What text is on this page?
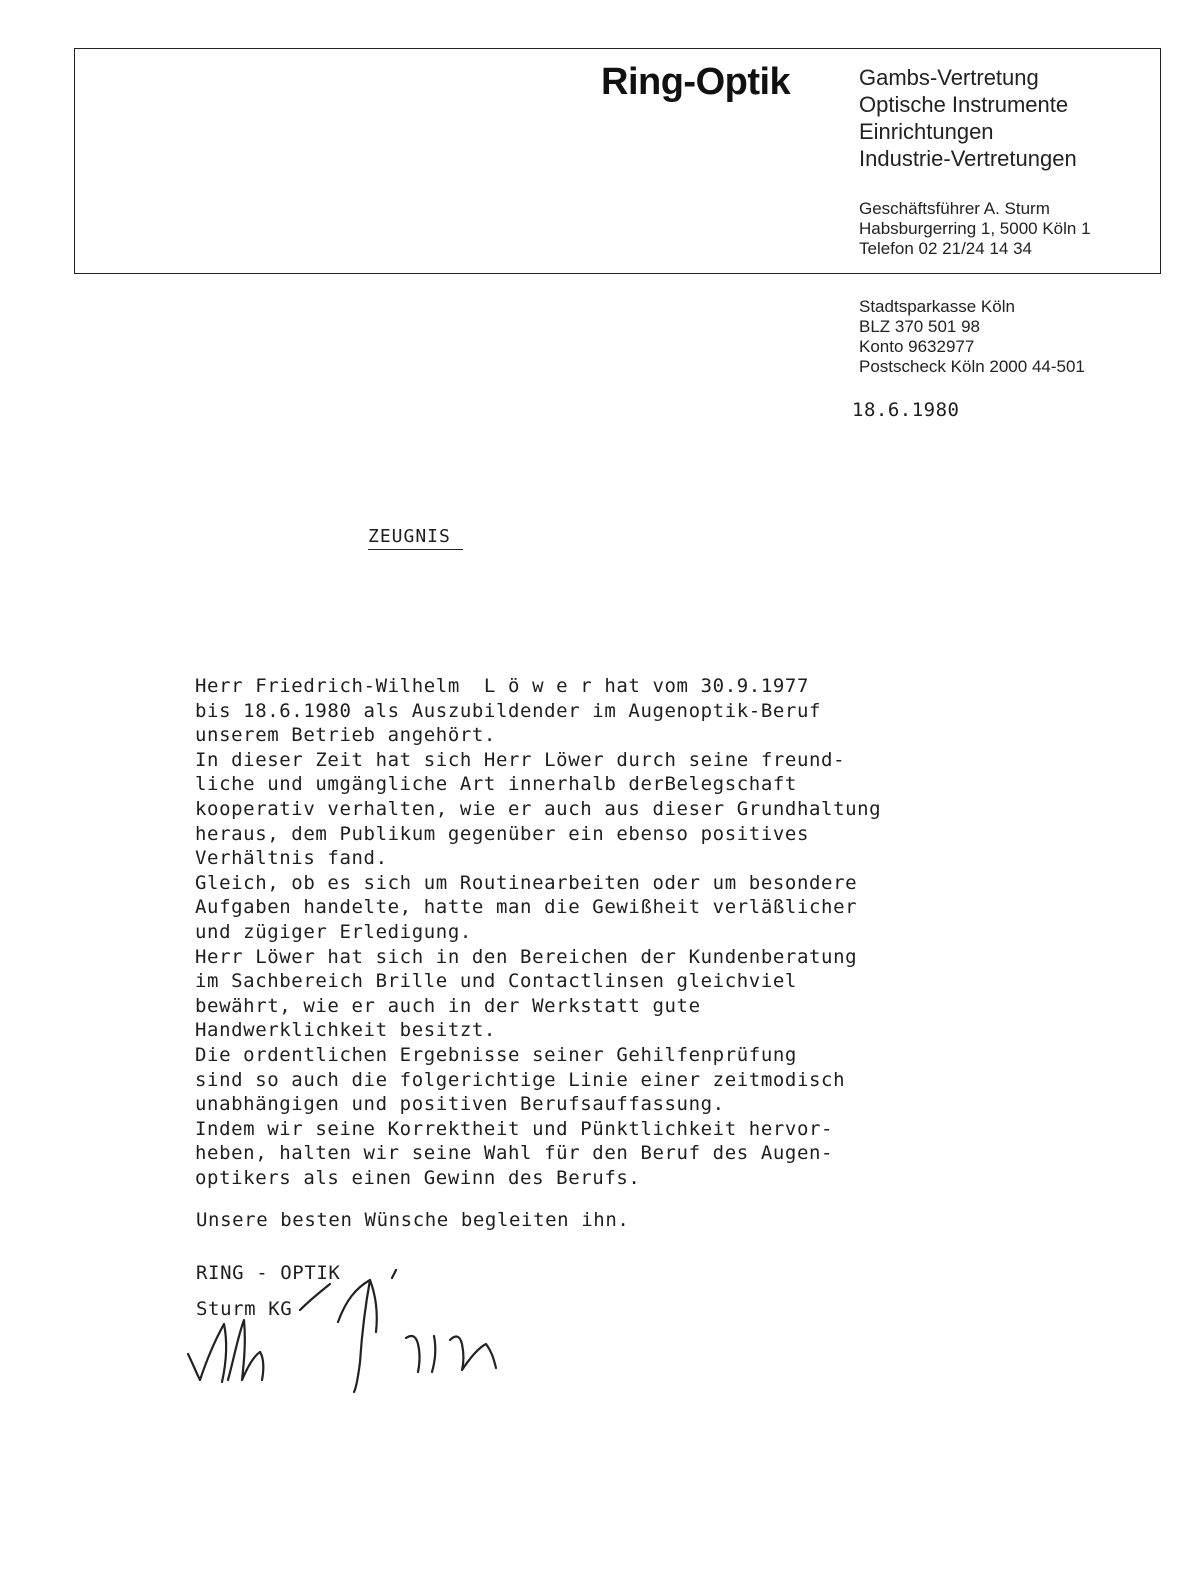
Ring-Optik	Gambs-Vertretung
Optische Instrumente
Einrichtungen
Industrie-Vertretungen
Geschäftsführer A. Sturm
Habsburgerring 1, 5000 Köln 1
Telefon 02 21/24 14 34
Stadtsparkasse Köln
BLZ 370 501 98
Konto 9632977
Postscheck Köln 2000 44-501
18.6.1980
ZEUGNIS
Herr Friedrich-Wilhelm  L ö w e r hat vom 30.9.1977
bis 18.6.1980 als Auszubildender im Augenoptik-Beruf
unserem Betrieb angehört.
In dieser Zeit hat sich Herr Löwer durch seine freund-
liche und umgängliche Art innerhalb derBelegschaft
kooperativ verhalten, wie er auch aus dieser Grundhaltung
heraus, dem Publikum gegenüber ein ebenso positives
Verhältnis fand.
Gleich, ob es sich um Routinearbeiten oder um besondere
Aufgaben handelte, hatte man die Gewißheit verläßlicher
und zügiger Erledigung.
Herr Löwer hat sich in den Bereichen der Kundenberatung
im Sachbereich Brille und Contactlinsen gleichviel
bewährt, wie er auch in der Werkstatt gute
Handwerklichkeit besitzt.
Die ordentlichen Ergebnisse seiner Gehilfenprüfung
sind so auch die folgerichtige Linie einer zeitmodisch
unabhängigen und positiven Berufsauffassung.
Indem wir seine Korrektheit und Pünktlichkeit hervor-
heben, halten wir seine Wahl für den Beruf des Augen-
optikers als einen Gewinn des Berufs.
Unsere besten Wünsche begleiten ihn.
RING - OPTIK
Sturm KG
